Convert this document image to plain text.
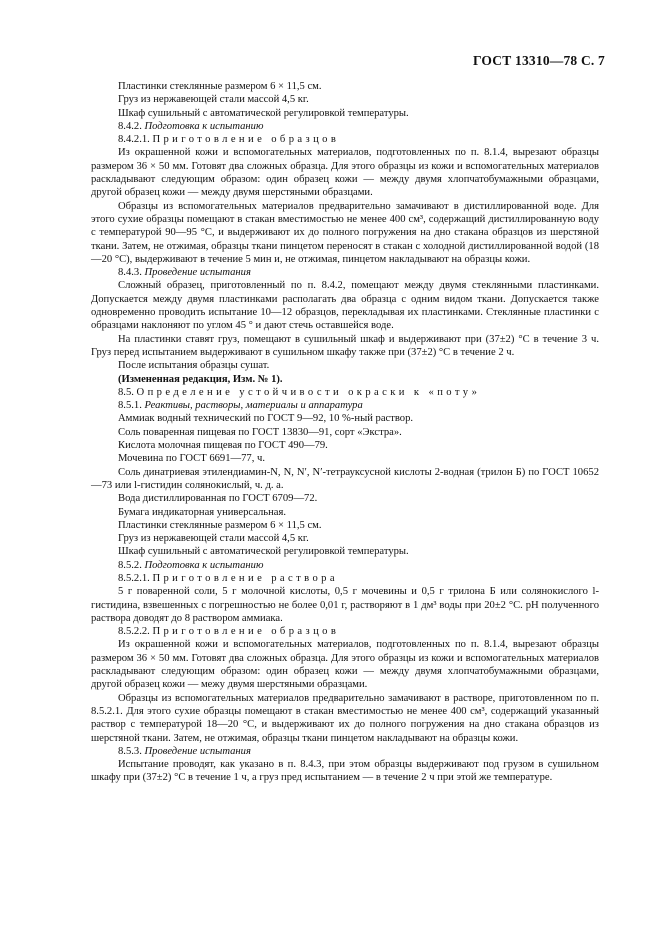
ГОСТ 13310—78 С. 7

Пластинки стеклянные размером 6 × 11,5 см.

Груз из нержавеющей стали массой 4,5 кг.

Шкаф сушильный с автоматической регулировкой температуры.

8.4.2. Подготовка к испытанию

8.4.2.1. Приготовление образцов

Из окрашенной кожи и вспомогательных материалов, подготовленных по п. 8.1.4, вырезают образцы размером 36 × 50 мм. Готовят два сложных образца. Для этого образцы из кожи и вспомогательных материалов раскладывают следующим образом: один образец кожи — между двумя хлопчатобумажными образцами, другой образец кожи — между двумя шерстяными образцами.

Образцы из вспомогательных материалов предварительно замачивают в дистиллированной воде. Для этого сухие образцы помещают в стакан вместимостью не менее 400 см³, содержащий дистиллированную воду с температурой 90—95 °С, и выдерживают их до полного погружения на дно стакана образцов из шерстяной ткани. Затем, не отжимая, образцы ткани пинцетом переносят в стакан с холодной дистиллированной водой (18—20 °С), выдерживают в течение 5 мин и, не отжимая, пинцетом накладывают на образцы кожи.

8.4.3. Проведение испытания

Сложный образец, приготовленный по п. 8.4.2, помещают между двумя стеклянными пластинками. Допускается между двумя пластинками располагать два образца с одним видом ткани. Допускается также одновременно проводить испытание 10—12 образцов, перекладывая их пластинками. Стеклянные пластинки с образцами наклоняют по углом 45 ° и дают стечь оставшейся воде.

На пластинки ставят груз, помещают в сушильный шкаф и выдерживают при (37±2) °С в течение 3 ч. Груз перед испытанием выдерживают в сушильном шкафу также при (37±2) °С в течение 2 ч.

После испытания образцы сушат.

(Измененная редакция, Изм. № 1).

8.5. Определение устойчивости окраски к «поту»

8.5.1. Реактивы, растворы, материалы и аппаратура

Аммиак водный технический по ГОСТ 9—92, 10 %-ный раствор.

Соль поваренная пищевая по ГОСТ 13830—91, сорт «Экстра».

Кислота молочная пищевая по ГОСТ 490—79.

Мочевина по ГОСТ 6691—77, ч.

Соль динатриевая этилендиамин-N, N, N′, N′-тетрауксусной кислоты 2-водная (трилон Б) по ГОСТ 10652—73 или l-гистидин солянокислый, ч. д. а.

Вода дистиллированная по ГОСТ 6709—72.

Бумага индикаторная универсальная.

Пластинки стеклянные размером 6 × 11,5 см.

Груз из нержавеющей стали массой 4,5 кг.

Шкаф сушильный с автоматической регулировкой температуры.

8.5.2. Подготовка к испытанию

8.5.2.1. Приготовление раствора

5 г поваренной соли, 5 г молочной кислоты, 0,5 г мочевины и 0,5 г трилона Б или солянокислого l-гистидина, взвешенных с погрешностью не более 0,01 г, растворяют в 1 дм³ воды при 20±2 °С. рН полученного раствора доводят до 8 раствором аммиака.

8.5.2.2. Приготовление образцов

Из окрашенной кожи и вспомогательных материалов, подготовленных по п. 8.1.4, вырезают образцы размером 36 × 50 мм. Готовят два сложных образца. Для этого образцы из кожи и вспомогательных материалов раскладывают следующим образом: один образец кожи — между двумя хлопчатобумажными образцами, другой образец кожи — межу двумя шерстяными образцами.

Образцы из вспомогательных материалов предварительно замачивают в растворе, приготовленном по п. 8.5.2.1. Для этого сухие образцы помещают в стакан вместимостью не менее 400 см³, содержащий указанный раствор с температурой 18—20 °С, и выдерживают их до полного погружения на дно стакана образцов из шерстяной ткани. Затем, не отжимая, образцы ткани пинцетом накладывают на образцы кожи.

8.5.3. Проведение испытания

Испытание проводят, как указано в п. 8.4.3, при этом образцы выдерживают под грузом в сушильном шкафу при (37±2) °С в течение 1 ч, а груз пред испытанием — в течение 2 ч при этой же температуре.
